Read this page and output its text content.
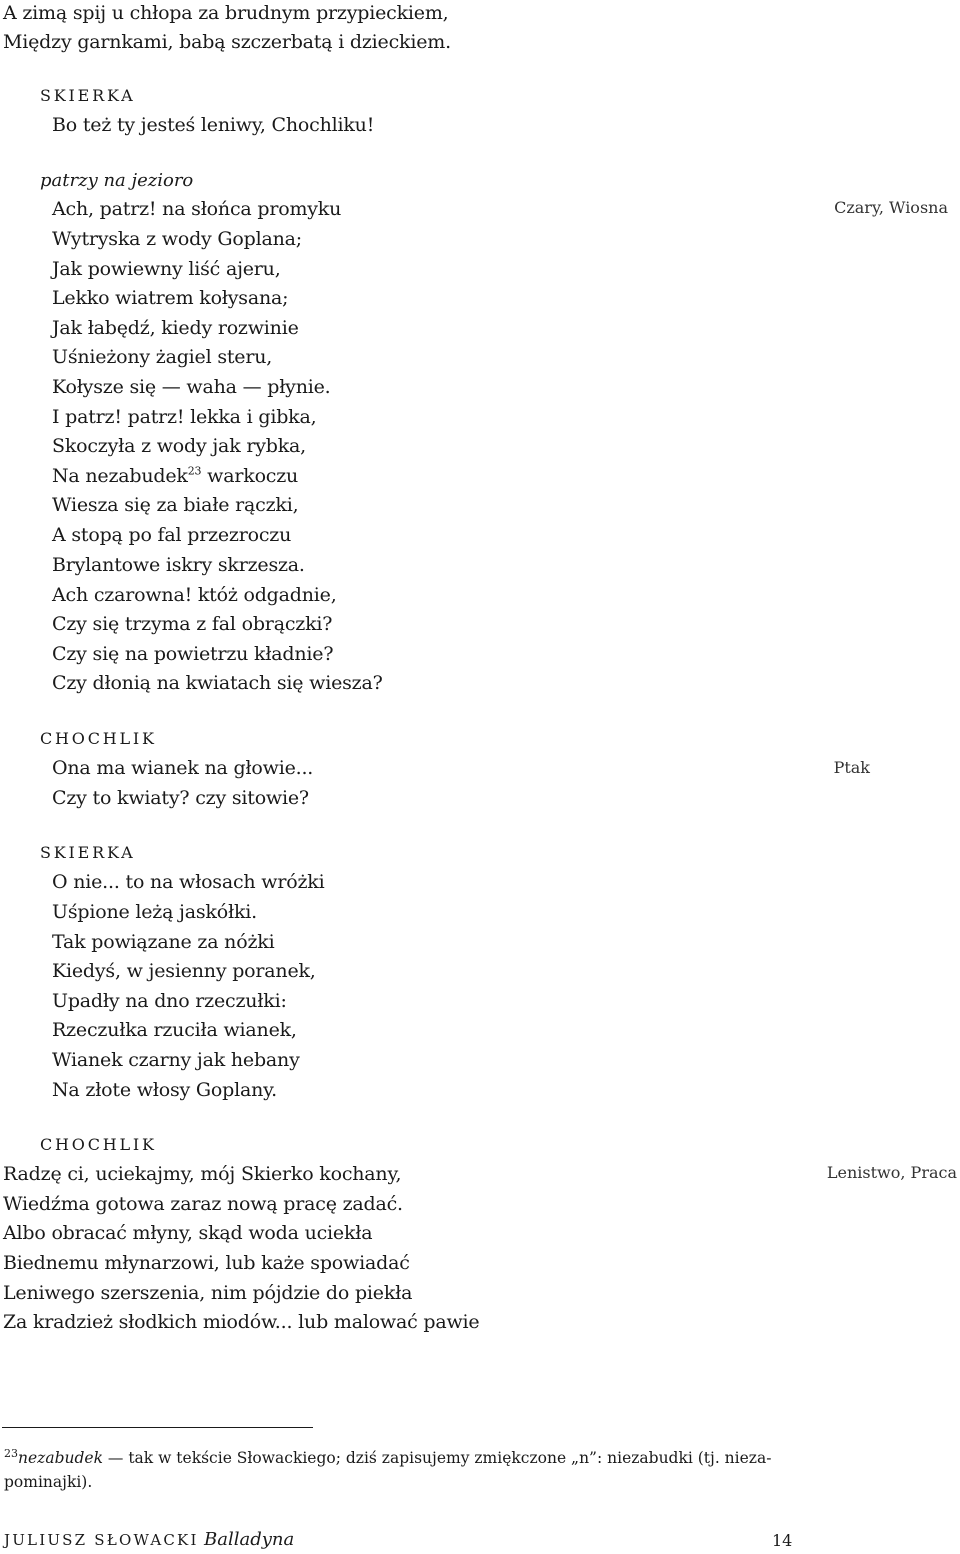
A zimą spij u chłopa za brudnym przypieckiem,
Między garnkami, babą szczerbatą i dzieckiem.
SKIERKA
Bo też ty jesteś leniwy, Chochliku!
patrzy na jezioro
Ach, patrz! na słońca promyku
Wytryska z wody Goplana;
Jak powiewny liść ajeru,
Lekko wiatrem kołysana;
Jak łabędź, kiedy rozwinie
Uśnieżony żagiel steru,
Kołysze się — waha — płynie.
I patrz! patrz! lekka i gibka,
Skoczyła z wody jak rybka,
Na nezabudek$^{23}$ warkoczu
Wiesza się za białe rączki,
A stopą po fal przezroczu
Brylantowe iskry skrzesza.
Ach czarowna! któż odgadnie,
Czy się trzyma z fal obrączki?
Czy się na powietrzu kładnie?
Czy dłonią na kwiatach się wiesza?
CHOCHLIK
Ona ma wianek na głowie...
Czy to kwiaty? czy sitowie?
SKIERKA
O nie... to na włosach wróżki
Uśpione leżą jaskółki.
Tak powiązane za nóżki
Kiedyś, w jesienny poranek,
Upadły na dno rzeczułki:
Rzeczułka rzuciła wianek,
Wianek czarny jak hebany
Na złote włosy Goplany.
CHOCHLIK
Radzę ci, uciekajmy, mój Skierko kochany,
Wiedźma gotowa zaraz nową pracę zadać.
Albo obracać młyny, skąd woda uciekła
Biednemu młynarzowi, lub każe spowiadać
Leniwego szerszenia, nim pójdzie do piekła
Za kradzież słodkich miodów... lub malować pawie
Czary, Wiosna
Ptak
Lenistwo, Praca
$^{23}$nezabudek — tak w tekście Słowackiego; dziś zapisujemy zmiękczone „n”: niezabudki (tj. nieza-pominajki).
JULIUSZ SŁOWACKI Balladyna	14
